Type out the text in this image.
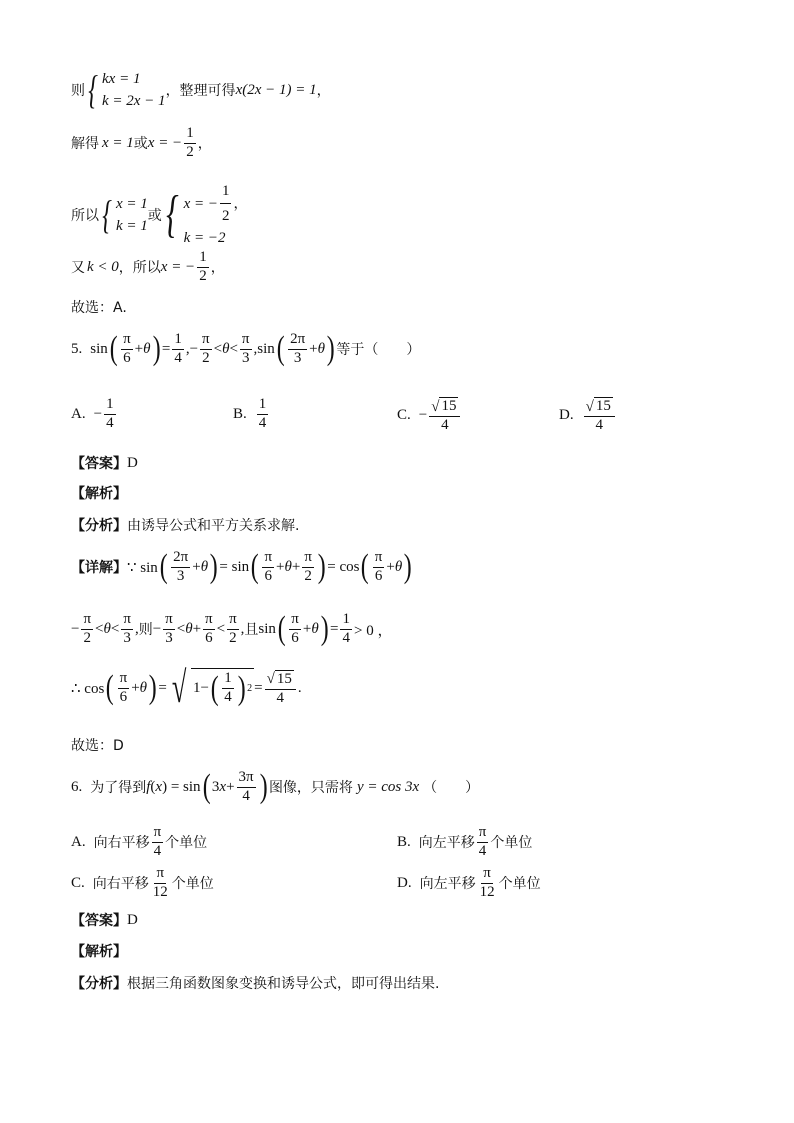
则 { kx = 1
k = 2x − 1
，整理可得 x(2x − 1) = 1 ，
解得 x = 1 或 x = − $\frac{1}{2}$ ，
所以 { x = 1
k = 1
或 { x = − $\frac{1}{2}$ ，
k = −2
又 k < 0 ，所以 x = − $\frac{1}{2}$ ，
故选：A.
5. sin ( $\frac{\pi}{6} + \theta$ ) = $\frac{1}{4}$ ,− $\frac{\pi}{2} < \theta < \frac{\pi}{3} ,\sin$ ( $\frac{2\pi}{3} + \theta$ ) 等于（　　）
A. − $\frac{1}{4}$	B. $\frac{1}{4}$	C. − $\frac{√ 15}{4}$	D. $\frac{√ 15}{4}$
【答案】 D
【解析】
【分析】 由诱导公式和平方关系求解.
【详解】 ∵ sin ( $\frac{2\pi}{3} + \theta$ ) = sin ( $\frac{\pi}{6} + \theta + \frac{\pi}{2}$ ) = cos ( $\frac{\pi}{6} + \theta$ )
− $\frac{\pi}{2} < \theta < \frac{\pi}{3}$ , 则 − $\frac{\pi}{3} < \theta + \frac{\pi}{6} < \frac{\pi}{2}$ , 且 sin ( $\frac{\pi}{6} + \theta$ ) = $\frac{1}{4} > 0$ ，
∴ cos ( $\frac{\pi}{6} + \theta$ ) = √ 1− ( $\frac{1}{4}$ ) $2 = \frac{√ 15}{4}$ .
故选：D
6. 为了得到 f ( x ) = sin ( 3 $x + \frac{3\pi}{4}$ ) 图像，只需将 y = cos 3x （　　）
A. 向右平移 $\frac{\pi}{4}$ 个单位	B. 向左平移 $\frac{\pi}{4}$ 个单位
C. 向右平移 $\frac{\pi}{12}$ 个单位	D. 向左平移 $\frac{\pi}{12}$ 个单位
【答案】 D
【解析】
【分析】 根据三角函数图象变换和诱导公式，即可得出结果.
